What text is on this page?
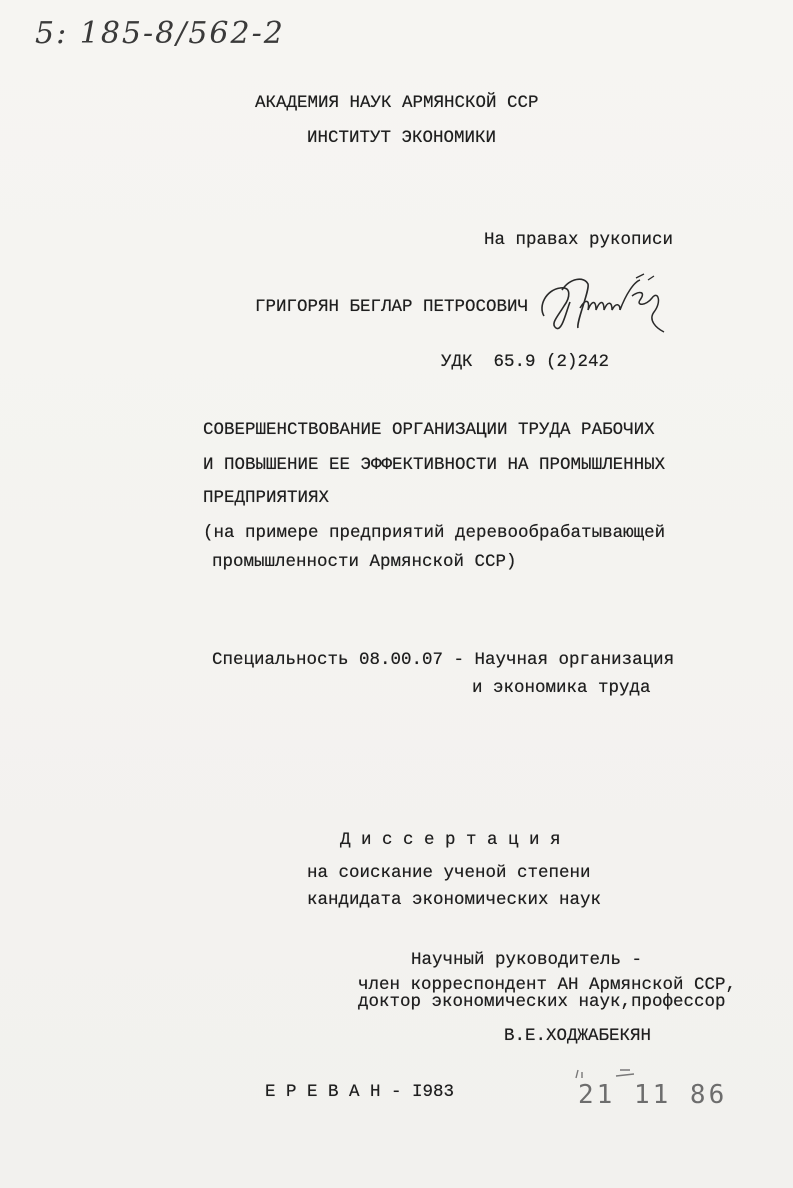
5: 185-8/562-2
АКАДЕМИЯ НАУК АРМЯНСКОЙ ССР
ИНСТИТУТ ЭКОНОМИКИ
На правах рукописи
ГРИГОРЯН БЕГЛАР ПЕТРОСОВИЧ
УДК  65.9 (2)242
СОВЕРШЕНСТВОВАНИЕ ОРГАНИЗАЦИИ ТРУДА РАБОЧИХ
И ПОВЫШЕНИЕ ЕЕ ЭФФЕКТИВНОСТИ НА ПРОМЫШЛЕННЫХ
ПРЕДПРИЯТИЯХ
(на примере предприятий деревообрабатывающей
промышленности Армянской ССР)
Специальность 08.00.07 - Научная организация
и экономика труда
Д и с с е р т а ц и я
на соискание ученой степени
кандидата экономических наук
Научный руководитель -
член корреспондент АН Армянской ССР,
доктор экономических наук,профессор
В.Е.ХОДЖАБЕКЯН
Е Р Е В А Н - I983	21 11 86
